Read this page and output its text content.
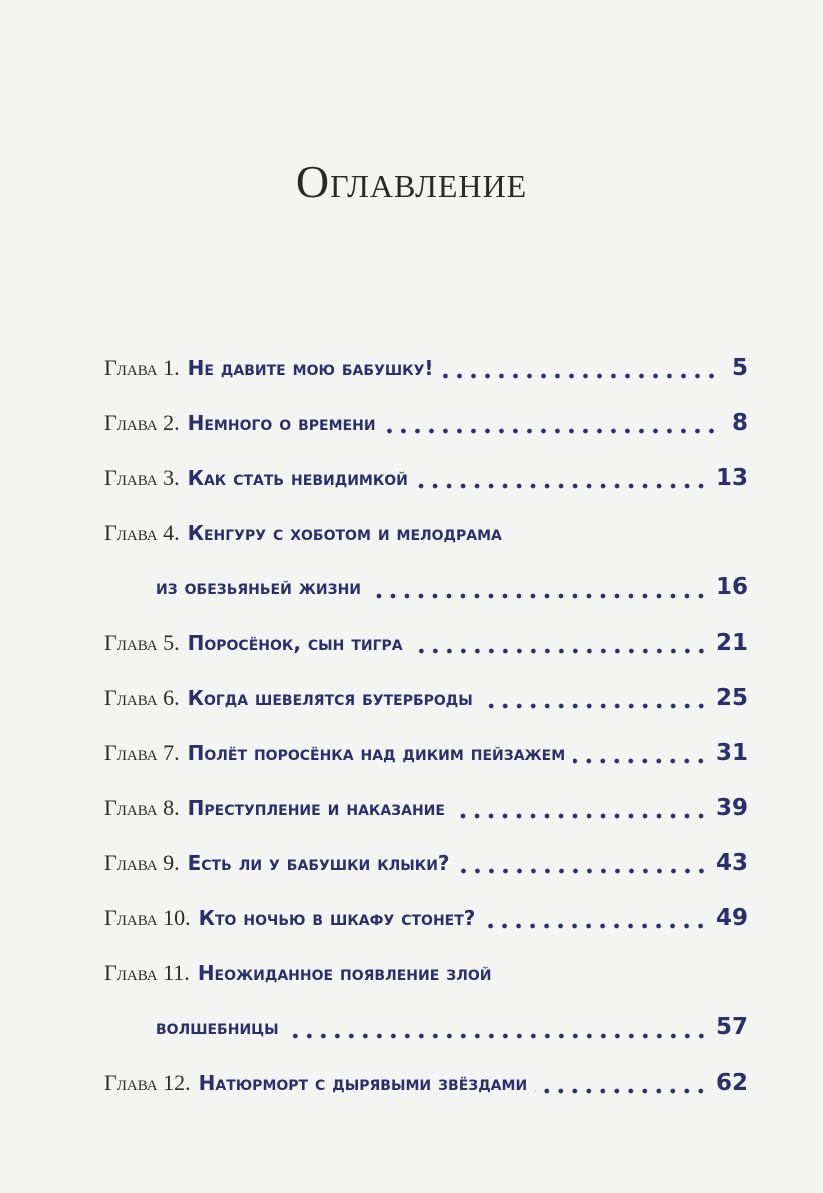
Оглавление
Глава 1. Не давите мою бабушку!	5
Глава 2. Немного о времени	8
Глава 3. Как стать невидимкой	13
Глава 4. Кенгуру с хоботом и мелодрама
из обезьяньей жизни	16
Глава 5. Поросёнок, сын тигра	21
Глава 6. Когда шевелятся бутерброды	25
Глава 7. Полёт поросёнка над диким пейзажем	31
Глава 8. Преступление и наказание	39
Глава 9. Есть ли у бабушки клыки?	43
Глава 10. Кто ночью в шкафу стонет?	49
Глава 11. Неожиданное появление злой
волшебницы	57
Глава 12. Натюрморт с дырявыми звёздами	62
